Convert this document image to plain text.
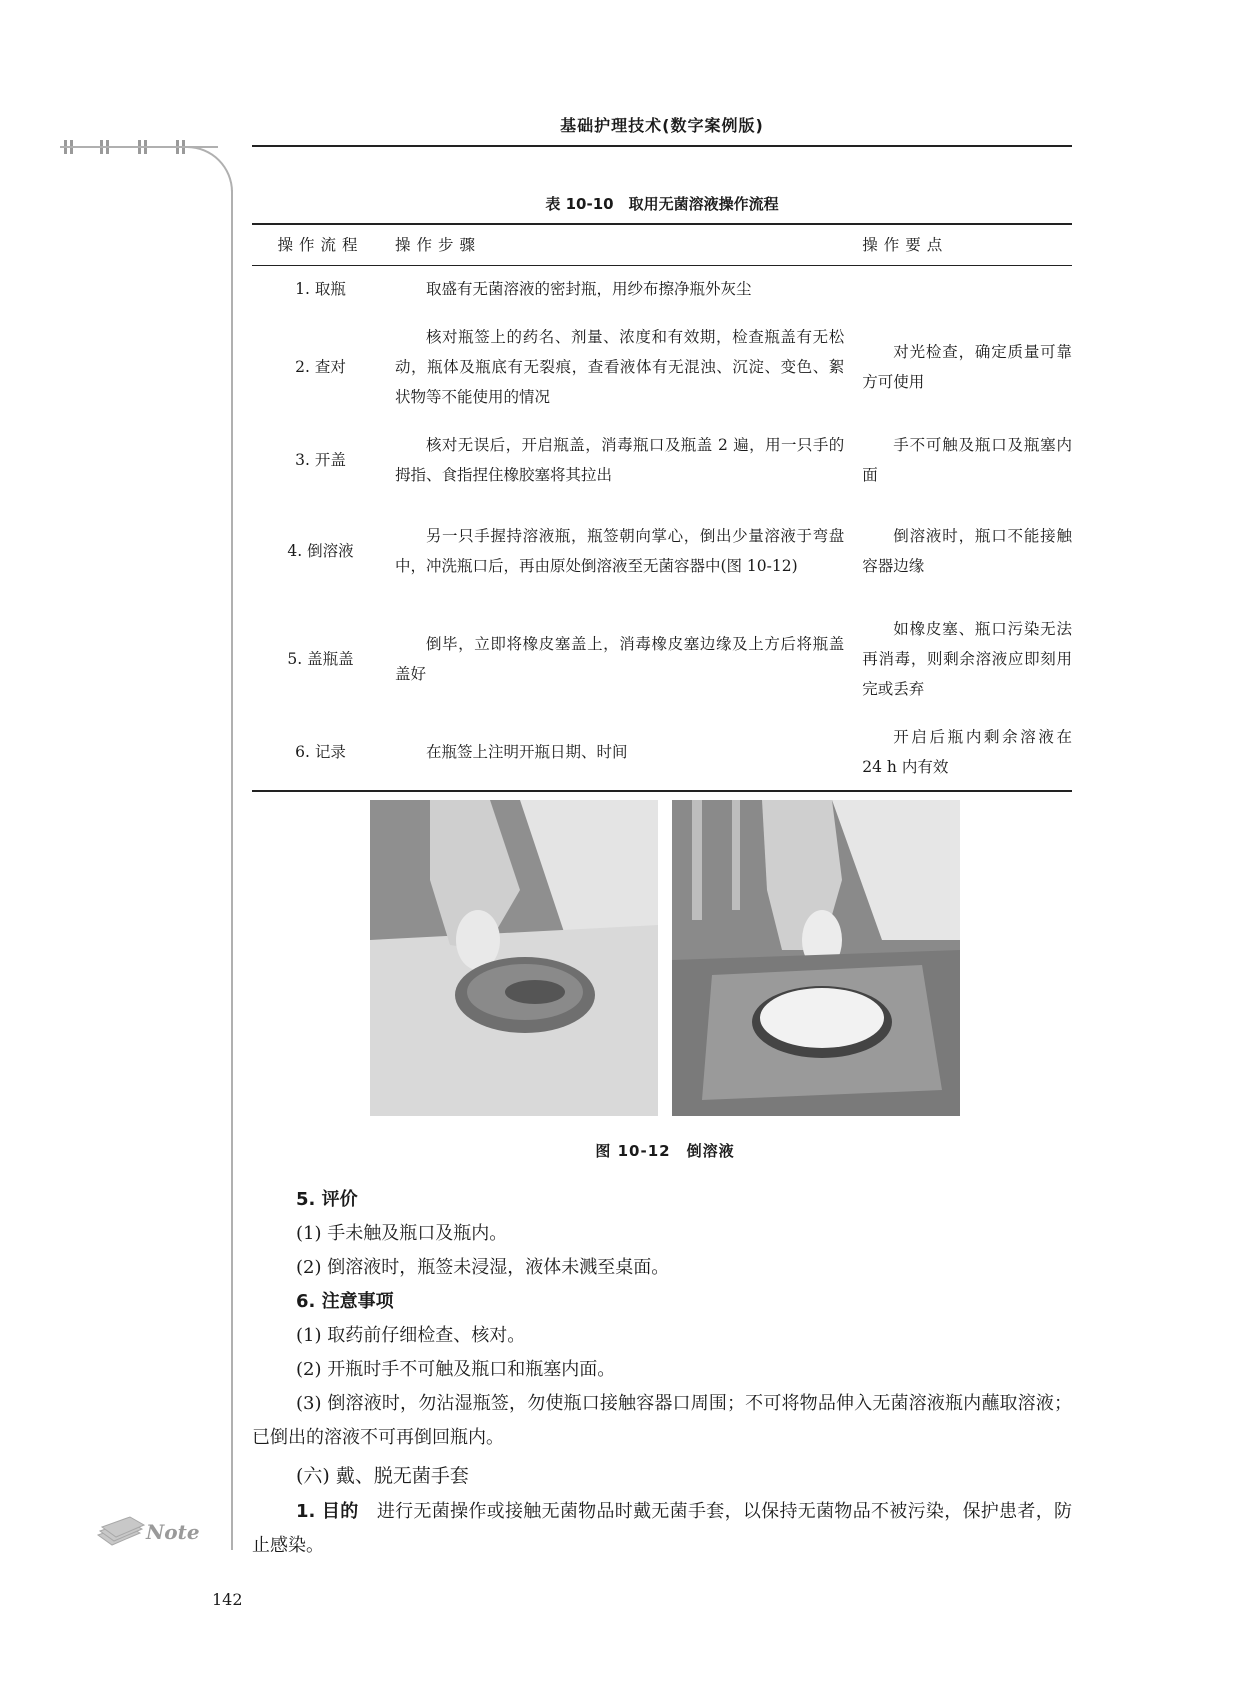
基础护理技术(数字案例版)
表 10-10　取用无菌溶液操作流程
操作流程	操作步骤	操作要点
1. 取瓶	取盛有无菌溶液的密封瓶，用纱布擦净瓶外灰尘	
2. 查对	核对瓶签上的药名、剂量、浓度和有效期，检查瓶盖有无松动，瓶体及瓶底有无裂痕，查看液体有无混浊、沉淀、变色、絮状物等不能使用的情况	对光检查，确定质量可靠方可使用
3. 开盖	核对无误后，开启瓶盖，消毒瓶口及瓶盖 2 遍，用一只手的拇指、食指捏住橡胶塞将其拉出	手不可触及瓶口及瓶塞内面
4. 倒溶液	另一只手握持溶液瓶，瓶签朝向掌心，倒出少量溶液于弯盘中，冲洗瓶口后，再由原处倒溶液至无菌容器中(图 10-12)	倒溶液时，瓶口不能接触容器边缘
5. 盖瓶盖	倒毕，立即将橡皮塞盖上，消毒橡皮塞边缘及上方后将瓶盖盖好	如橡皮塞、瓶口污染无法再消毒，则剩余溶液应即刻用完或丢弃
6. 记录	在瓶签上注明开瓶日期、时间	开启后瓶内剩余溶液在 24 h 内有效
图 10-12　倒溶液
5. 评价
(1) 手未触及瓶口及瓶内。
(2) 倒溶液时，瓶签未浸湿，液体未溅至桌面。
6. 注意事项
(1) 取药前仔细检查、核对。
(2) 开瓶时手不可触及瓶口和瓶塞内面。
(3) 倒溶液时，勿沾湿瓶签，勿使瓶口接触容器口周围；不可将物品伸入无菌溶液瓶内蘸取溶液；已倒出的溶液不可再倒回瓶内。
(六) 戴、脱无菌手套
1. 目的　 进行无菌操作或接触无菌物品时戴无菌手套，以保持无菌物品不被污染，保护患者，防止感染。
Note
142
